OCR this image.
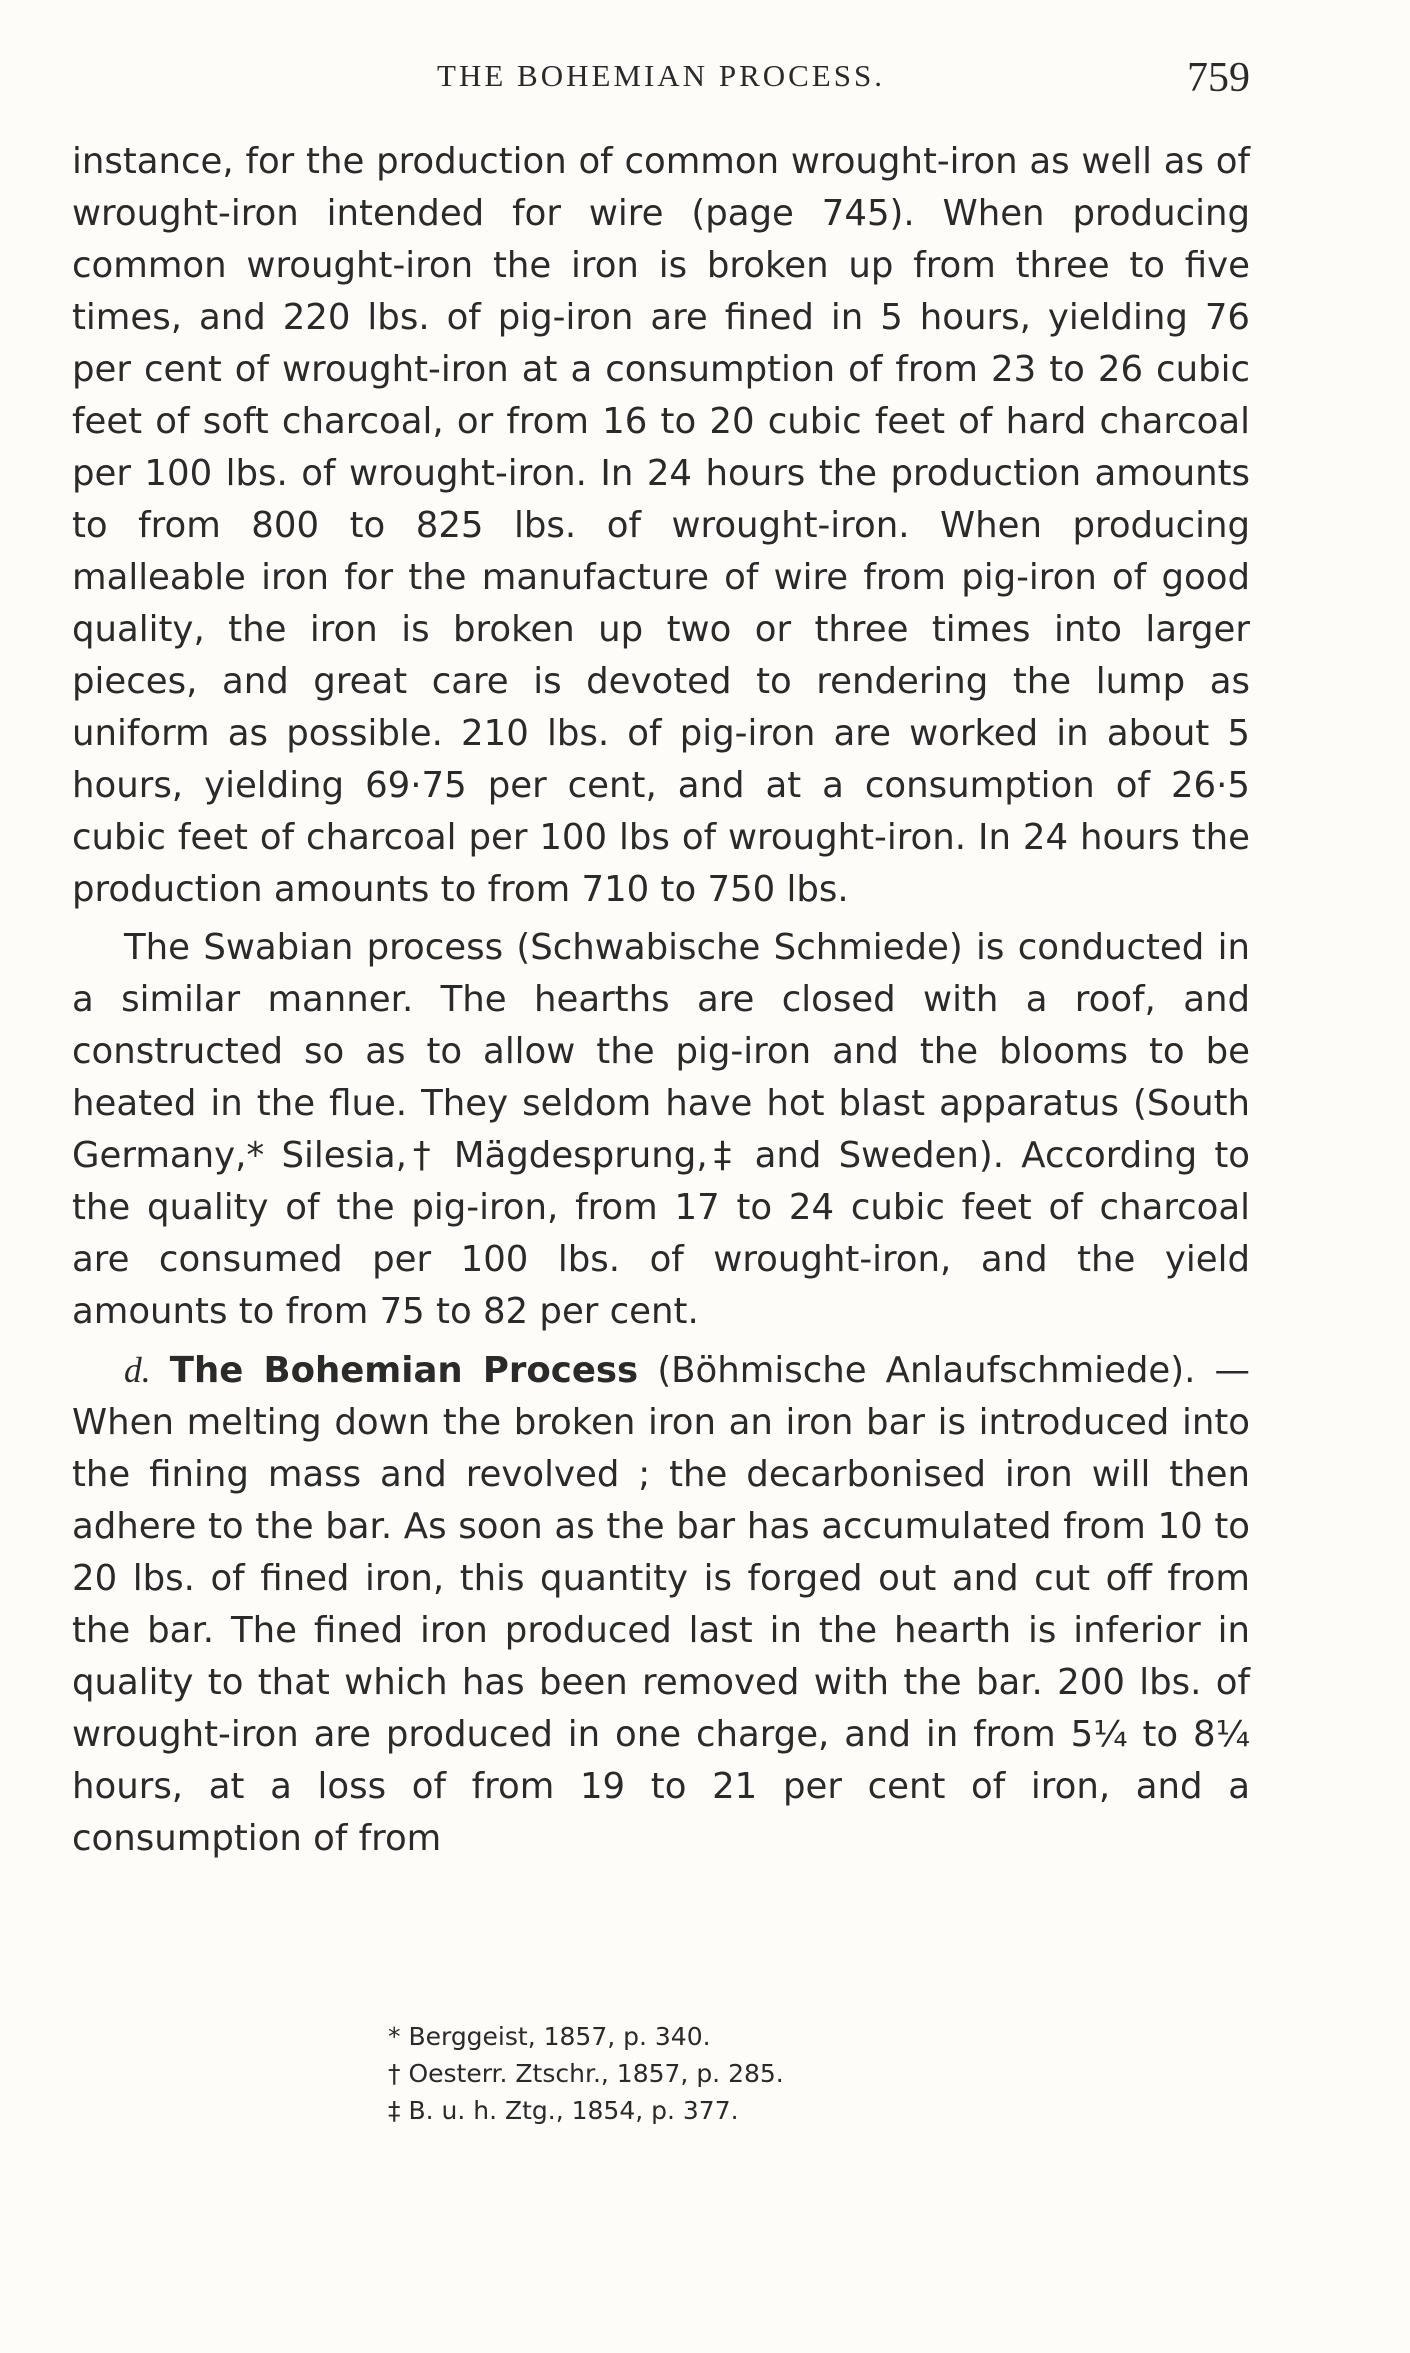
THE BOHEMIAN PROCESS.	759

instance, for the production of common wrought-iron as well as of wrought-iron intended for wire (page 745). When producing common wrought-iron the iron is broken up from three to five times, and 220 lbs. of pig-iron are fined in 5 hours, yielding 76 per cent of wrought-iron at a consumption of from 23 to 26 cubic feet of soft charcoal, or from 16 to 20 cubic feet of hard charcoal per 100 lbs. of wrought-iron. In 24 hours the production amounts to from 800 to 825 lbs. of wrought-iron. When producing malleable iron for the manufacture of wire from pig-iron of good quality, the iron is broken up two or three times into larger pieces, and great care is devoted to rendering the lump as uniform as possible. 210 lbs. of pig-iron are worked in about 5 hours, yielding 69·75 per cent, and at a consumption of 26·5 cubic feet of charcoal per 100 lbs of wrought-iron. In 24 hours the production amounts to from 710 to 750 lbs.

The Swabian process (Schwabische Schmiede) is conducted in a similar manner. The hearths are closed with a roof, and constructed so as to allow the pig-iron and the blooms to be heated in the flue. They seldom have hot blast apparatus (South Germany,* Silesia,† Mägdesprung,‡ and Sweden). According to the quality of the pig-iron, from 17 to 24 cubic feet of charcoal are consumed per 100 lbs. of wrought-iron, and the yield amounts to from 75 to 82 per cent.

d. The Bohemian Process (Böhmische Anlaufschmiede). —When melting down the broken iron an iron bar is introduced into the fining mass and revolved ; the decarbonised iron will then adhere to the bar. As soon as the bar has accumulated from 10 to 20 lbs. of fined iron, this quantity is forged out and cut off from the bar. The fined iron produced last in the hearth is inferior in quality to that which has been removed with the bar. 200 lbs. of wrought-iron are produced in one charge, and in from 5¼ to 8¼ hours, at a loss of from 19 to 21 per cent of iron, and a consumption of from

* Berggeist, 1857, p. 340.
† Oesterr. Ztschr., 1857, p. 285.
‡ B. u. h. Ztg., 1854, p. 377.
